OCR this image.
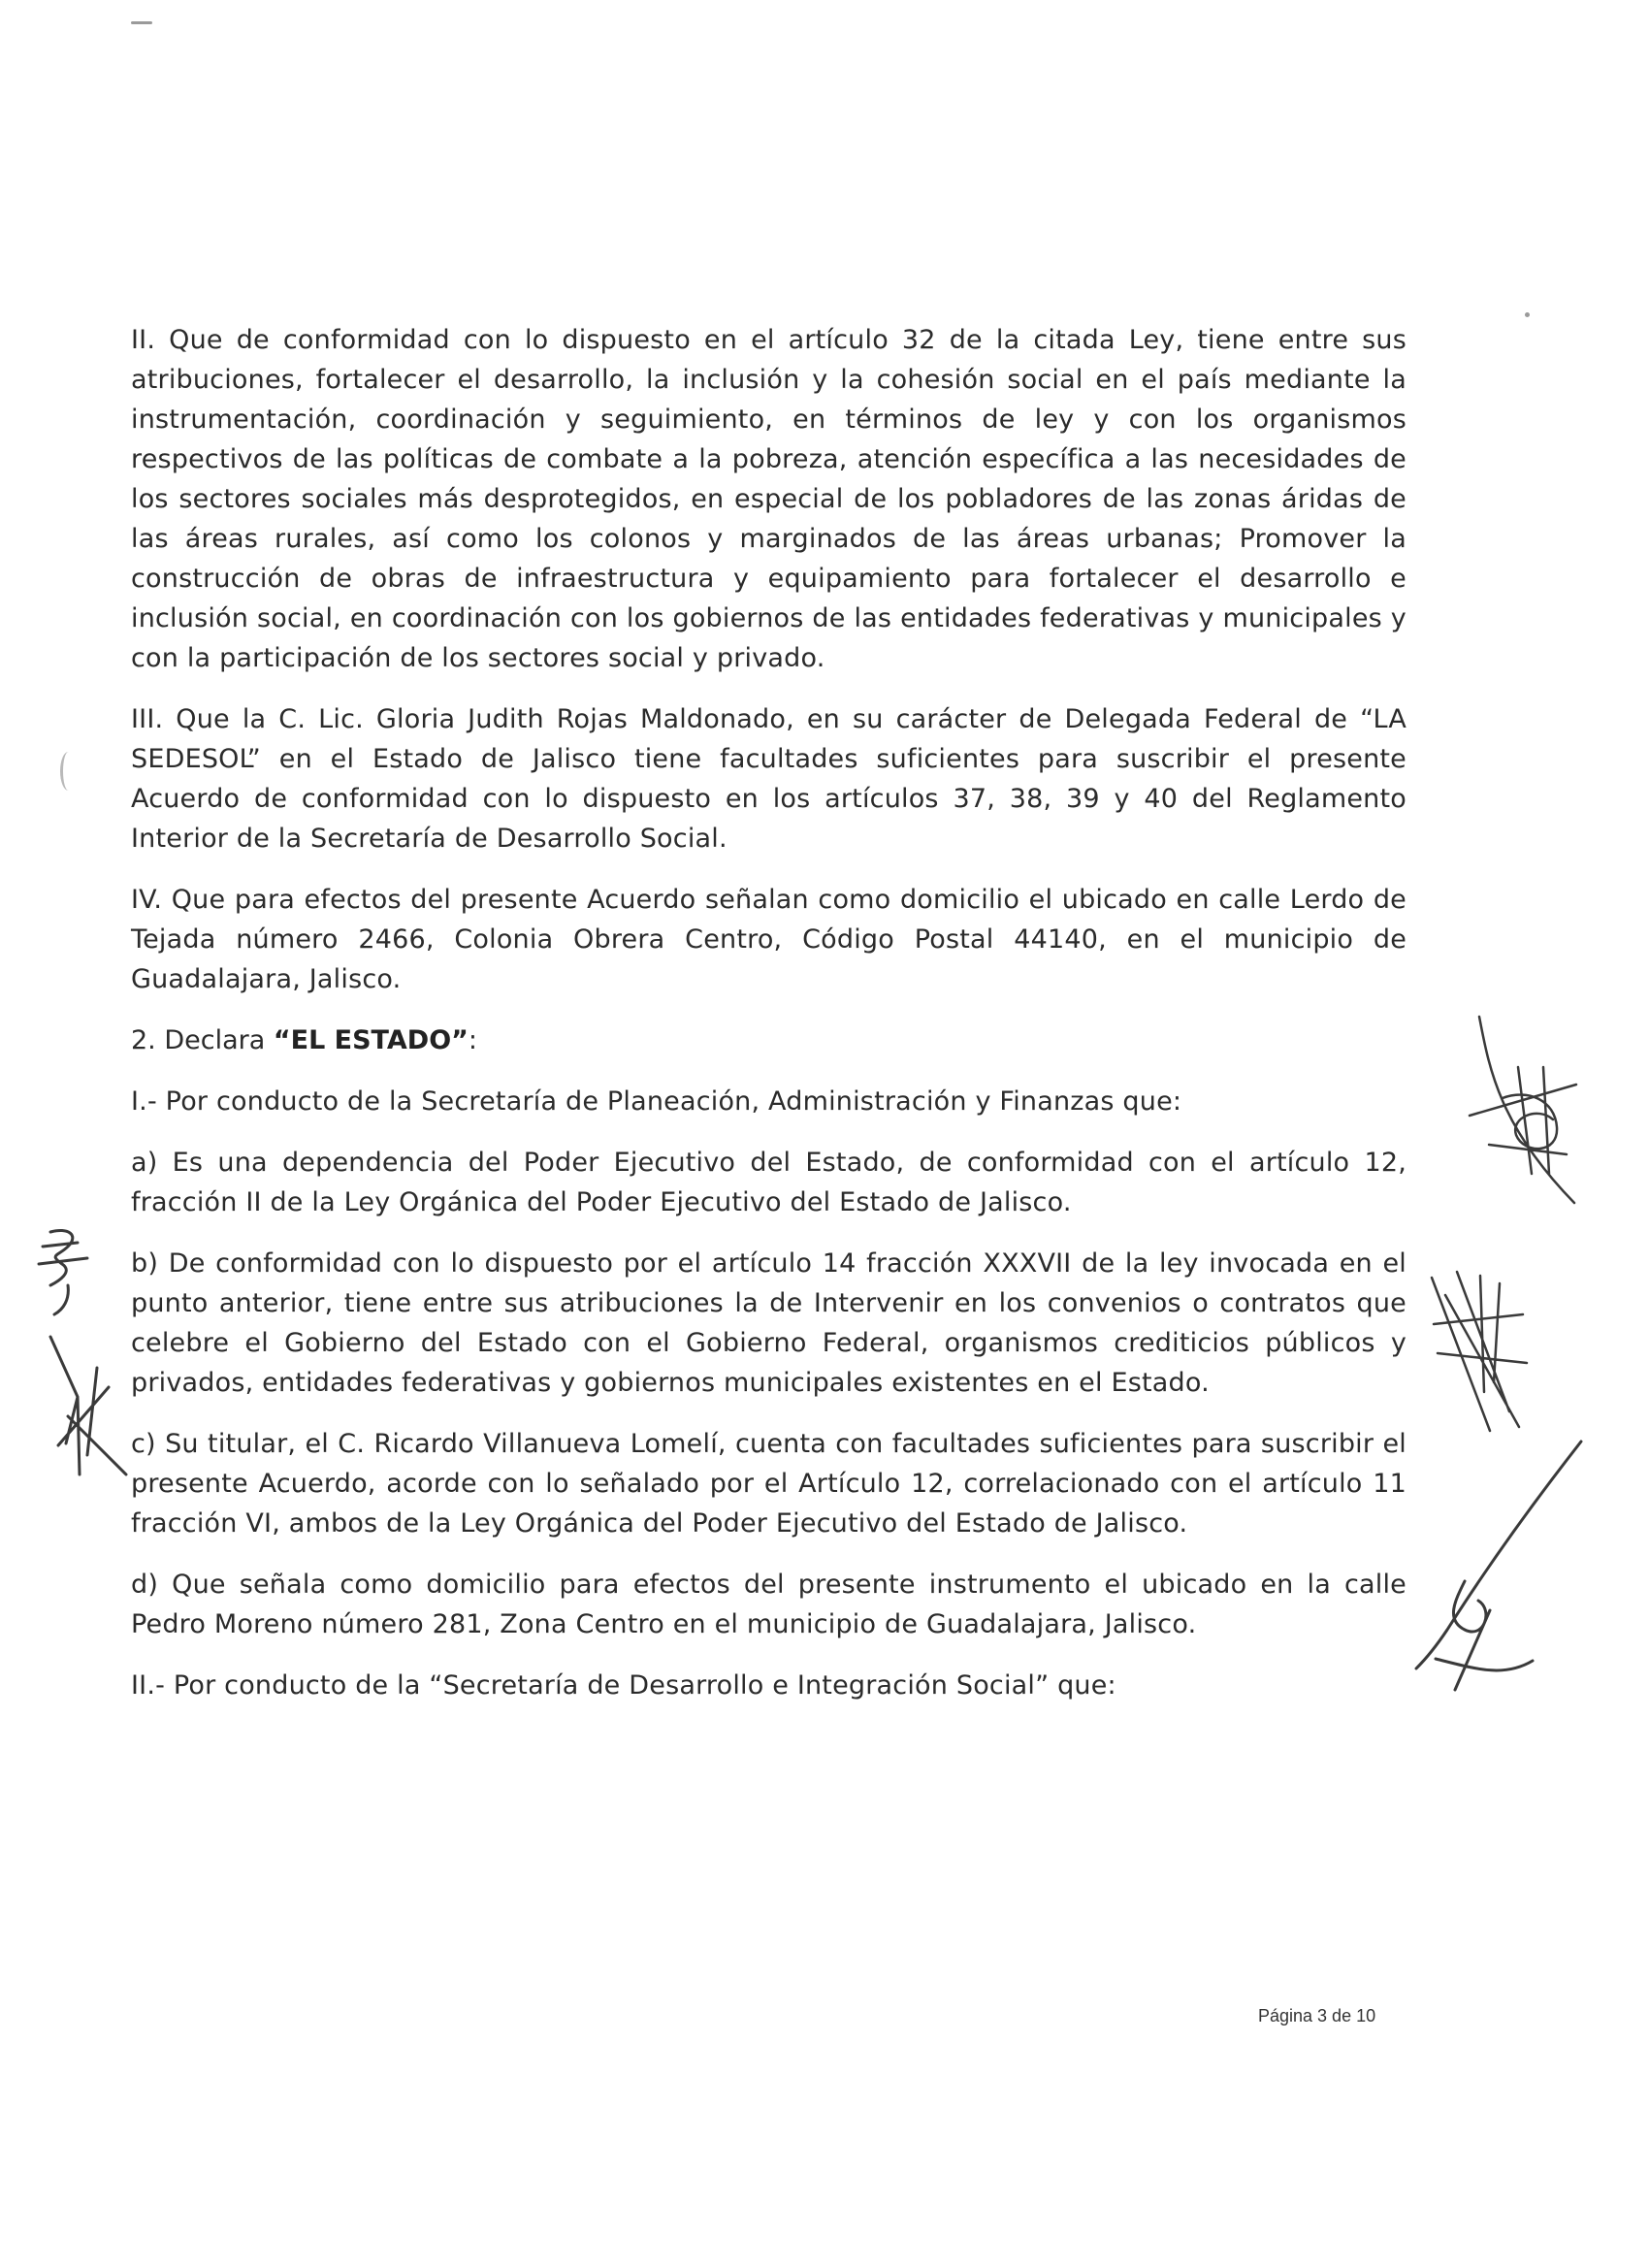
II. Que de conformidad con lo dispuesto en el artículo 32 de la citada Ley, tiene entre sus atribuciones, fortalecer el desarrollo, la inclusión y la cohesión social en el país mediante la instrumentación, coordinación y seguimiento, en términos de ley y con los organismos respectivos de las políticas de combate a la pobreza, atención específica a las necesidades de los sectores sociales más desprotegidos, en especial de los pobladores de las zonas áridas de las áreas rurales, así como los colonos y marginados de las áreas urbanas; Promover la construcción de obras de infraestructura y equipamiento para fortalecer el desarrollo e inclusión social, en coordinación con los gobiernos de las entidades federativas y municipales y con la participación de los sectores social y privado.

III. Que la C. Lic. Gloria Judith Rojas Maldonado, en su carácter de Delegada Federal de “LA SEDESOL” en el Estado de Jalisco tiene facultades suficientes para suscribir el presente Acuerdo de conformidad con lo dispuesto en los artículos 37, 38, 39 y 40 del Reglamento Interior de la Secretaría de Desarrollo Social.

IV. Que para efectos del presente Acuerdo señalan como domicilio el ubicado en calle Lerdo de Tejada número 2466, Colonia Obrera Centro, Código Postal 44140, en el municipio de Guadalajara, Jalisco.

2. Declara “EL ESTADO”:

I.- Por conducto de la Secretaría de Planeación, Administración y Finanzas que:

a) Es una dependencia del Poder Ejecutivo del Estado, de conformidad con el artículo 12, fracción II de la Ley Orgánica del Poder Ejecutivo del Estado de Jalisco.

b) De conformidad con lo dispuesto por el artículo 14 fracción XXXVII de la ley invocada en el punto anterior, tiene entre sus atribuciones la de Intervenir en los convenios o contratos que celebre el Gobierno del Estado con el Gobierno Federal, organismos crediticios públicos y privados, entidades federativas y gobiernos municipales existentes en el Estado.

c) Su titular, el C. Ricardo Villanueva Lomelí, cuenta con facultades suficientes para suscribir el presente Acuerdo, acorde con lo señalado por el Artículo 12, correlacionado con el artículo 11 fracción VI, ambos de la Ley Orgánica del Poder Ejecutivo del Estado de Jalisco.

d) Que señala como domicilio para efectos del presente instrumento el ubicado en la calle Pedro Moreno número 281, Zona Centro en el municipio de Guadalajara, Jalisco.

II.- Por conducto de la “Secretaría de Desarrollo e Integración Social” que:

Página 3 de 10
